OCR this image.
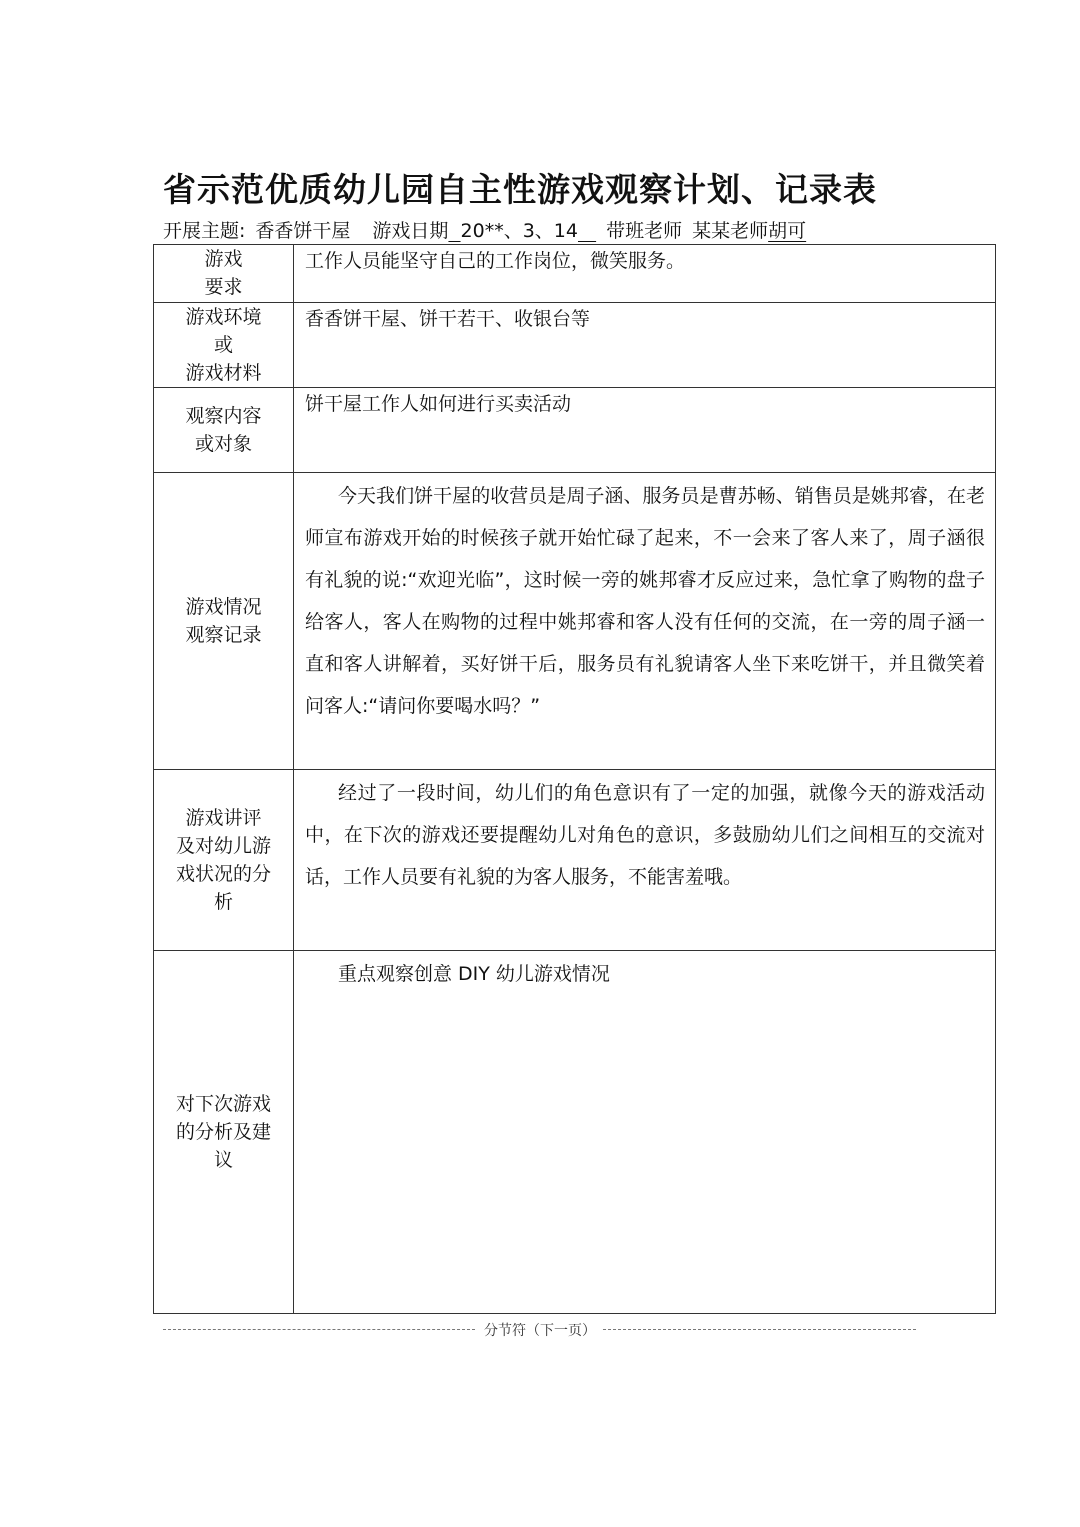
省示范优质幼儿园自主性游戏观察计划、记录表
开展主题: 香香饼干屋 游戏日期 20**、3、14 带班老师 某某老师胡可
游戏
要求	工作人员能坚守自己的工作岗位，微笑服务。

游戏环境
或
游戏材料	香香饼干屋、饼干若干、收银台等

观察内容
或对象	饼干屋工作人如何进行买卖活动

游戏情况
观察记录	今天我们饼干屋的收营员是周子涵、服务员是曹苏畅、销售员是姚邦睿，在老师宣布游戏开始的时候孩子就开始忙碌了起来，不一会来了客人来了，周子涵很有礼貌的说:“欢迎光临”，这时候一旁的姚邦睿才反应过来，急忙拿了购物的盘子给客人，客人在购物的过程中姚邦睿和客人没有任何的交流，在一旁的周子涵一直和客人讲解着，买好饼干后，服务员有礼貌请客人坐下来吃饼干，并且微笑着问客人:“请问你要喝水吗？”

游戏讲评
及对幼儿游
戏状况的分
析	经过了一段时间，幼儿们的角色意识有了一定的加强，就像今天的游戏活动中，在下次的游戏还要提醒幼儿对角色的意识，多鼓励幼儿们之间相互的交流对话，工作人员要有礼貌的为客人服务，不能害羞哦。

对下次游戏
的分析及建
议	重点观察创意 DIY 幼儿游戏情况
分节符（下一页）
